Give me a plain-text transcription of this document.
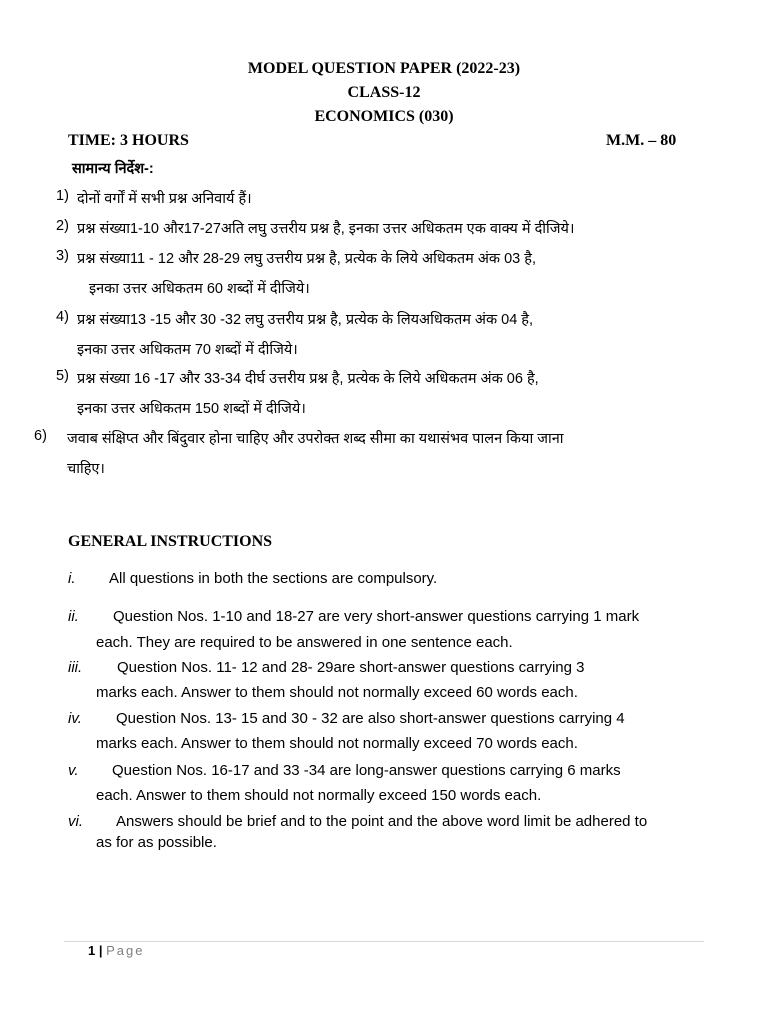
MODEL QUESTION PAPER (2022-23)
CLASS-12
ECONOMICS (030)
TIME: 3 HOURS	M.M. – 80
सामान्य निर्देश-:
1) दोनों वर्गों में सभी प्रश्न अनिवार्य हैं।
2) प्रश्न संख्या1-10 और17-27अति लघु उत्तरीय प्रश्न है, इनका उत्तर अधिकतम एक वाक्य में दीजिये।
3) प्रश्न संख्या11 - 12 और 28-29 लघु उत्तरीय प्रश्न है, प्रत्येक के लिये अधिकतम अंक 03 है,
इनका उत्तर अधिकतम 60 शब्दों में दीजिये।
4) प्रश्न संख्या13 -15 और 30 -32 लघु उत्तरीय प्रश्न है, प्रत्येक के लियअधिकतम अंक 04 है,
इनका उत्तर अधिकतम 70 शब्दों में दीजिये।
5) प्रश्न संख्या 16 -17 और 33-34 दीर्घ उत्तरीय प्रश्न है, प्रत्येक के लिये अधिकतम अंक 06 है,
इनका उत्तर अधिकतम 150 शब्दों में दीजिये।
6) जवाब संक्षिप्त और बिंदुवार होना चाहिए और उपरोक्त शब्द सीमा का यथासंभव पालन किया जाना
चाहिए।
GENERAL INSTRUCTIONS
i. All questions in both the sections are compulsory.
ii. Question Nos. 1-10 and 18-27 are very short-answer questions carrying 1 mark
each. They are required to be answered in one sentence each.
iii. Question Nos. 11- 12 and 28- 29are short-answer questions carrying 3
marks each. Answer to them should not normally exceed 60 words each.
iv. Question Nos. 13- 15 and 30 - 32 are also short-answer questions carrying 4
marks each. Answer to them should not normally exceed 70 words each.
v. Question Nos. 16-17 and 33 -34 are long-answer questions carrying 6 marks
each. Answer to them should not normally exceed 150 words each.
vi. Answers should be brief and to the point and the above word limit be adhered to
as for as possible.
1 | Page
